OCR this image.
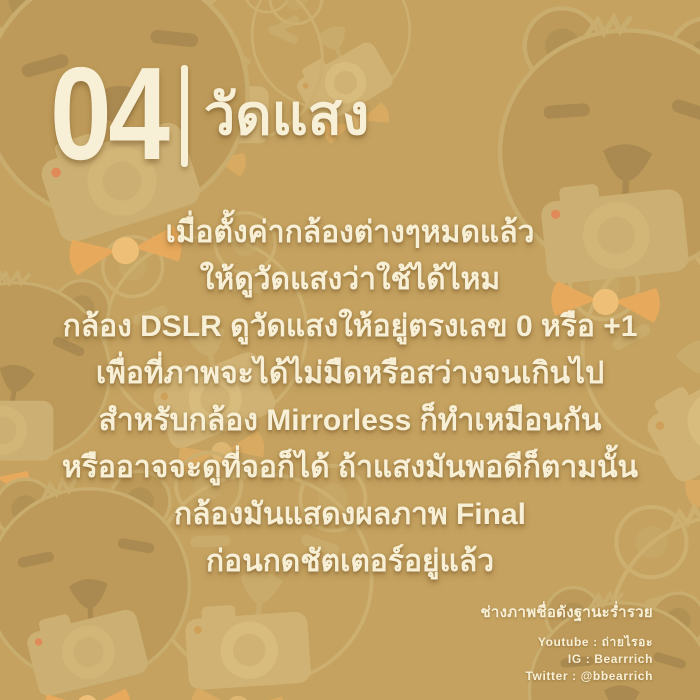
04 วัดแสง
เมื่อตั้งค่ากล้องต่างๆหมดแล้ว
ให้ดูวัดแสงว่าใช้ได้ไหม
กล้อง DSLR ดูวัดแสงให้อยู่ตรงเลข 0 หรือ +1
เพื่อที่ภาพจะได้ไม่มืดหรือสว่างจนเกินไป
สำหรับกล้อง Mirrorless ก็ทำเหมือนกัน
หรืออาจจะดูที่จอก็ได้ ถ้าแสงมันพอดีก็ตามนั้น
กล้องมันแสดงผลภาพ Final
ก่อนกดชัตเตอร์อยู่แล้ว
ช่างภาพชื่อดังฐานะร่ำรวย
Youtube : ถ่ายไรอะ
IG : Bearrrich
Twitter : @bbearrich
